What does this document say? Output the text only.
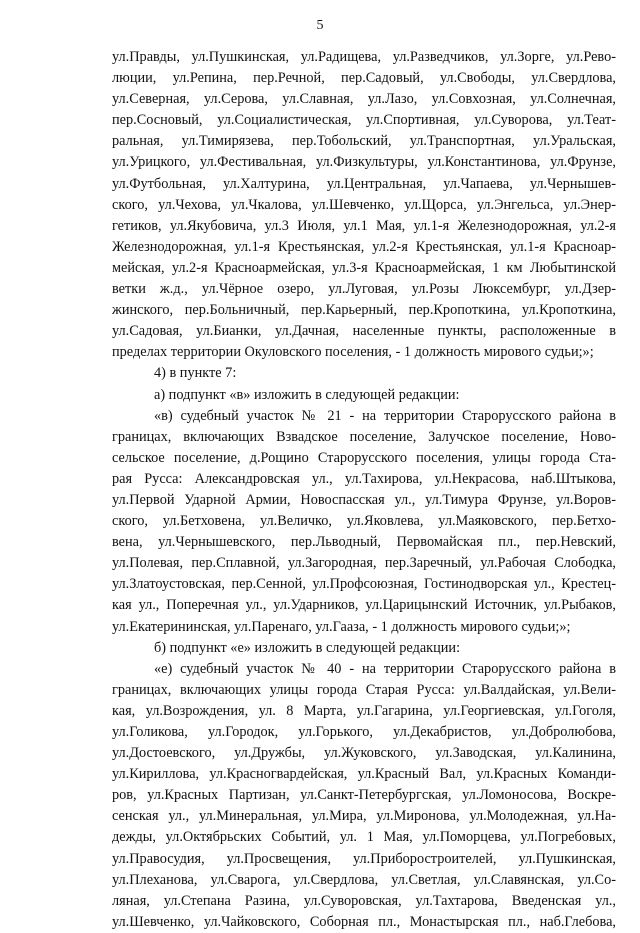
5
ул.Правды, ул.Пушкинская, ул.Радищева, ул.Разведчиков, ул.Зорге, ул.Рево-
люции, ул.Репина, пер.Речной, пер.Садовый, ул.Свободы, ул.Свердлова,
ул.Северная, ул.Серова, ул.Славная, ул.Лазо, ул.Совхозная, ул.Солнечная,
пер.Сосновый, ул.Социалистическая, ул.Спортивная, ул.Суворова, ул.Теат-
ральная, ул.Тимирязева, пер.Тобольский, ул.Транспортная, ул.Уральская,
ул.Урицкого, ул.Фестивальная, ул.Физкультуры, ул.Константинова, ул.Фрунзе,
ул.Футбольная, ул.Халтурина, ул.Центральная, ул.Чапаева, ул.Чернышев-
ского, ул.Чехова, ул.Чкалова, ул.Шевченко, ул.Щорса, ул.Энгельса, ул.Энер-
гетиков, ул.Якубовича, ул.3 Июля, ул.1 Мая, ул.1-я Железнодорожная, ул.2-я
Железнодорожная, ул.1-я Крестьянская, ул.2-я Крестьянская, ул.1-я Красноар-
мейская, ул.2-я Красноармейская, ул.3-я Красноармейская, 1 км Любытинской
ветки ж.д., ул.Чёрное озеро, ул.Луговая, ул.Розы Люксембург, ул.Дзер-
жинского, пер.Больничный, пер.Карьерный, пер.Кропоткина, ул.Кропоткина,
ул.Садовая, ул.Бианки, ул.Дачная, населенные пункты, расположенные в
пределах территории Окуловского поселения, - 1 должность мирового судьи;»;
4) в пункте 7:
а) подпункт «в» изложить в следующей редакции:
«в) судебный участок № 21 - на территории Старорусского района в
границах, включающих Взвадское поселение, Залучское поселение, Ново-
сельское поселение, д.Рощино Старорусского поселения, улицы города Ста-
рая Русса: Александровская ул., ул.Тахирова, ул.Некрасова, наб.Штыкова,
ул.Первой Ударной Армии, Новоспасская ул., ул.Тимура Фрунзе, ул.Воров-
ского, ул.Бетховена, ул.Величко, ул.Яковлева, ул.Маяковского, пер.Бетхо-
вена, ул.Чернышевского, пер.Льводный, Первомайская пл., пер.Невский,
ул.Полевая, пер.Сплавной, ул.Загородная, пер.Заречный, ул.Рабочая Слободка,
ул.Златоустовская, пер.Сенной, ул.Профсоюзная, Гостинодворская ул., Крестец-
кая ул., Поперечная ул., ул.Ударников, ул.Царицынский Источник, ул.Рыбаков,
ул.Екатерининская, ул.Паренаго, ул.Гааза, - 1 должность мирового судьи;»;
б) подпункт «е» изложить в следующей редакции:
«е) судебный участок № 40 - на территории Старорусского района в
границах, включающих улицы города Старая Русса: ул.Валдайская, ул.Вели-
кая, ул.Возрождения, ул. 8 Марта, ул.Гагарина, ул.Георгиевская, ул.Гоголя,
ул.Голикова, ул.Городок, ул.Горького, ул.Декабристов, ул.Добролюбова,
ул.Достоевского, ул.Дружбы, ул.Жуковского, ул.Заводская, ул.Калинина,
ул.Кириллова, ул.Красногвардейская, ул.Красный Вал, ул.Красных Команди-
ров, ул.Красных Партизан, ул.Санкт-Петербургская, ул.Ломоносова, Воскре-
сенская ул., ул.Минеральная, ул.Мира, ул.Миронова, ул.Молодежная, ул.На-
дежды, ул.Октябрьских Событий, ул. 1 Мая, ул.Поморцева, ул.Погребовых,
ул.Правосудия, ул.Просвещения, ул.Приборостроителей, ул.Пушкинская,
ул.Плеханова, ул.Сварога, ул.Свердлова, ул.Светлая, ул.Славянская, ул.Со-
ляная, ул.Степана Разина, ул.Суворовская, ул.Тахтарова, Введенская ул.,
ул.Шевченко, ул.Чайковского, Соборная пл., Монастырская пл., наб.Глебова,
